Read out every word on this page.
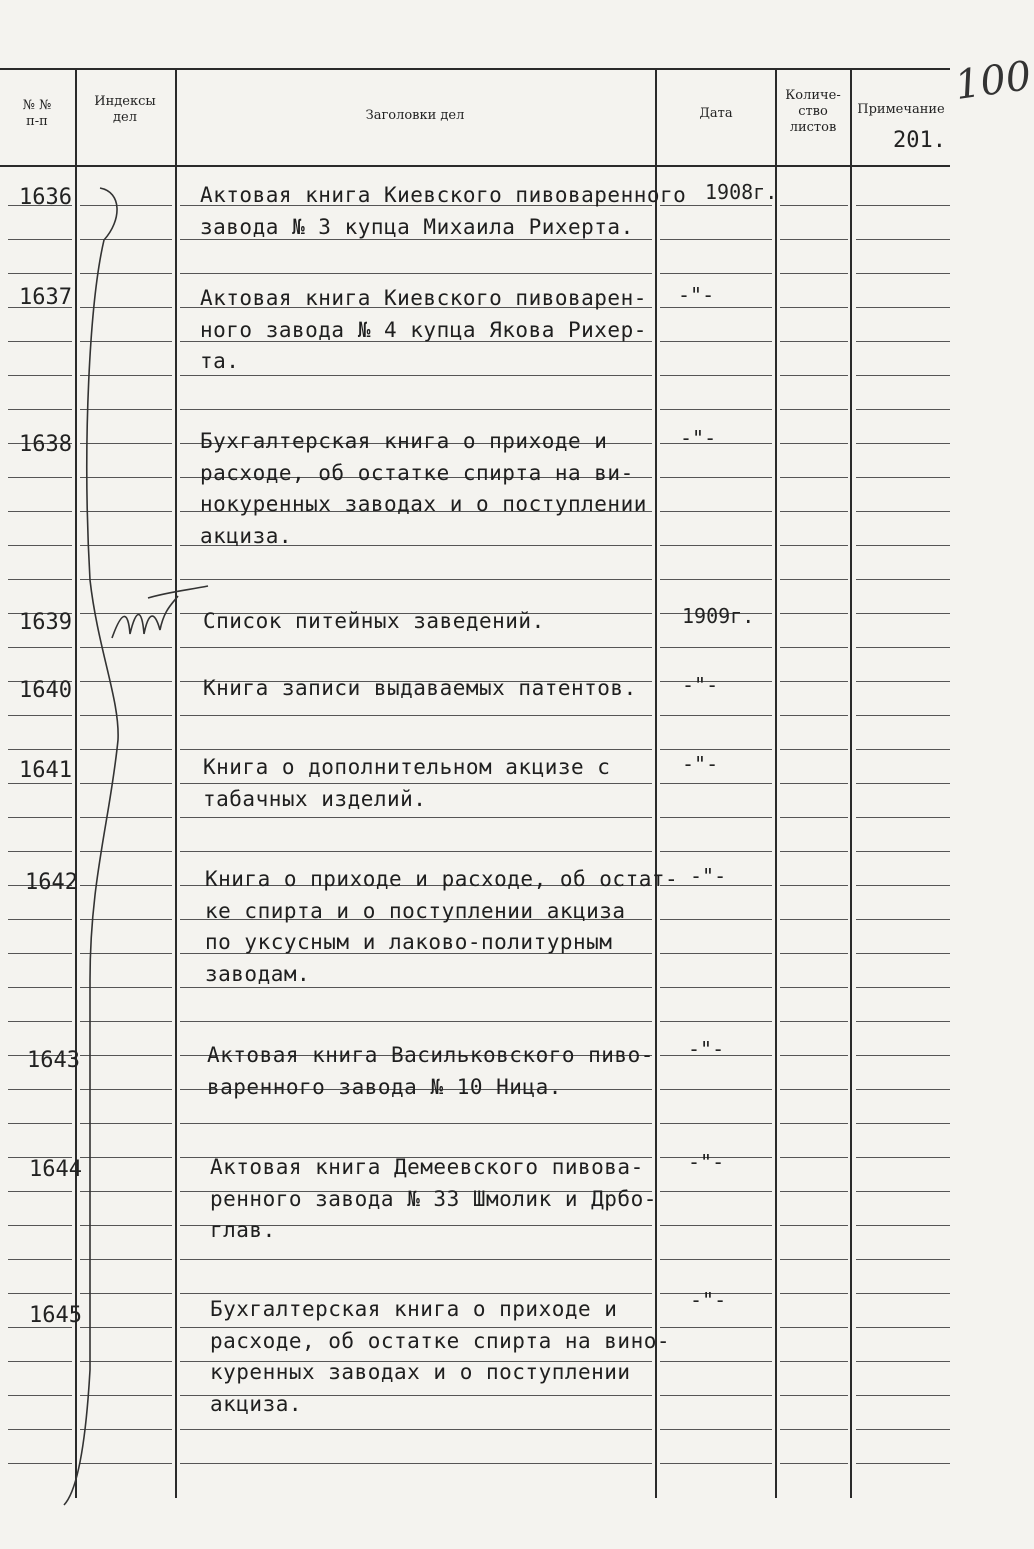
100
201.
№ №
п-п
Индексы
дел	Заголовки дел	Дата
Количе-
ство
листов
Примечание
1636	Актовая книга Киевского пивоваренного
завода № 3 купца Михаила Рихерта.
1908г.
1637	Актовая книга Киевского пивоварен-
ного завода № 4 купца Якова Рихер-
та.
-"-
1638	Бухгалтерская книга о приходе и
расходе, об остатке спирта на ви-
нокуренных заводах и о поступлении
акциза.
-"-
1639	Список питейных заведений.	1909г.
1640	Книга записи выдаваемых патентов. -"-
1641	Книга о дополнительном акцизе с
табачных изделий.
-"-
1642	Книга о приходе и расходе, об остат-
ке спирта и о поступлении акциза
по уксусным и лаково-политурным
заводам.
-"-
1643	Актовая книга Васильковского пиво-
варенного завода № 10 Ница.
-"-
1644	Актовая книга Демеевского пивова-
ренного завода № 33 Шмолик и Дрбо-
глав.
-"-
1645	Бухгалтерская книга о приходе и
расходе, об остатке спирта на вино-
куренных заводах и о поступлении
акциза.
-"-
